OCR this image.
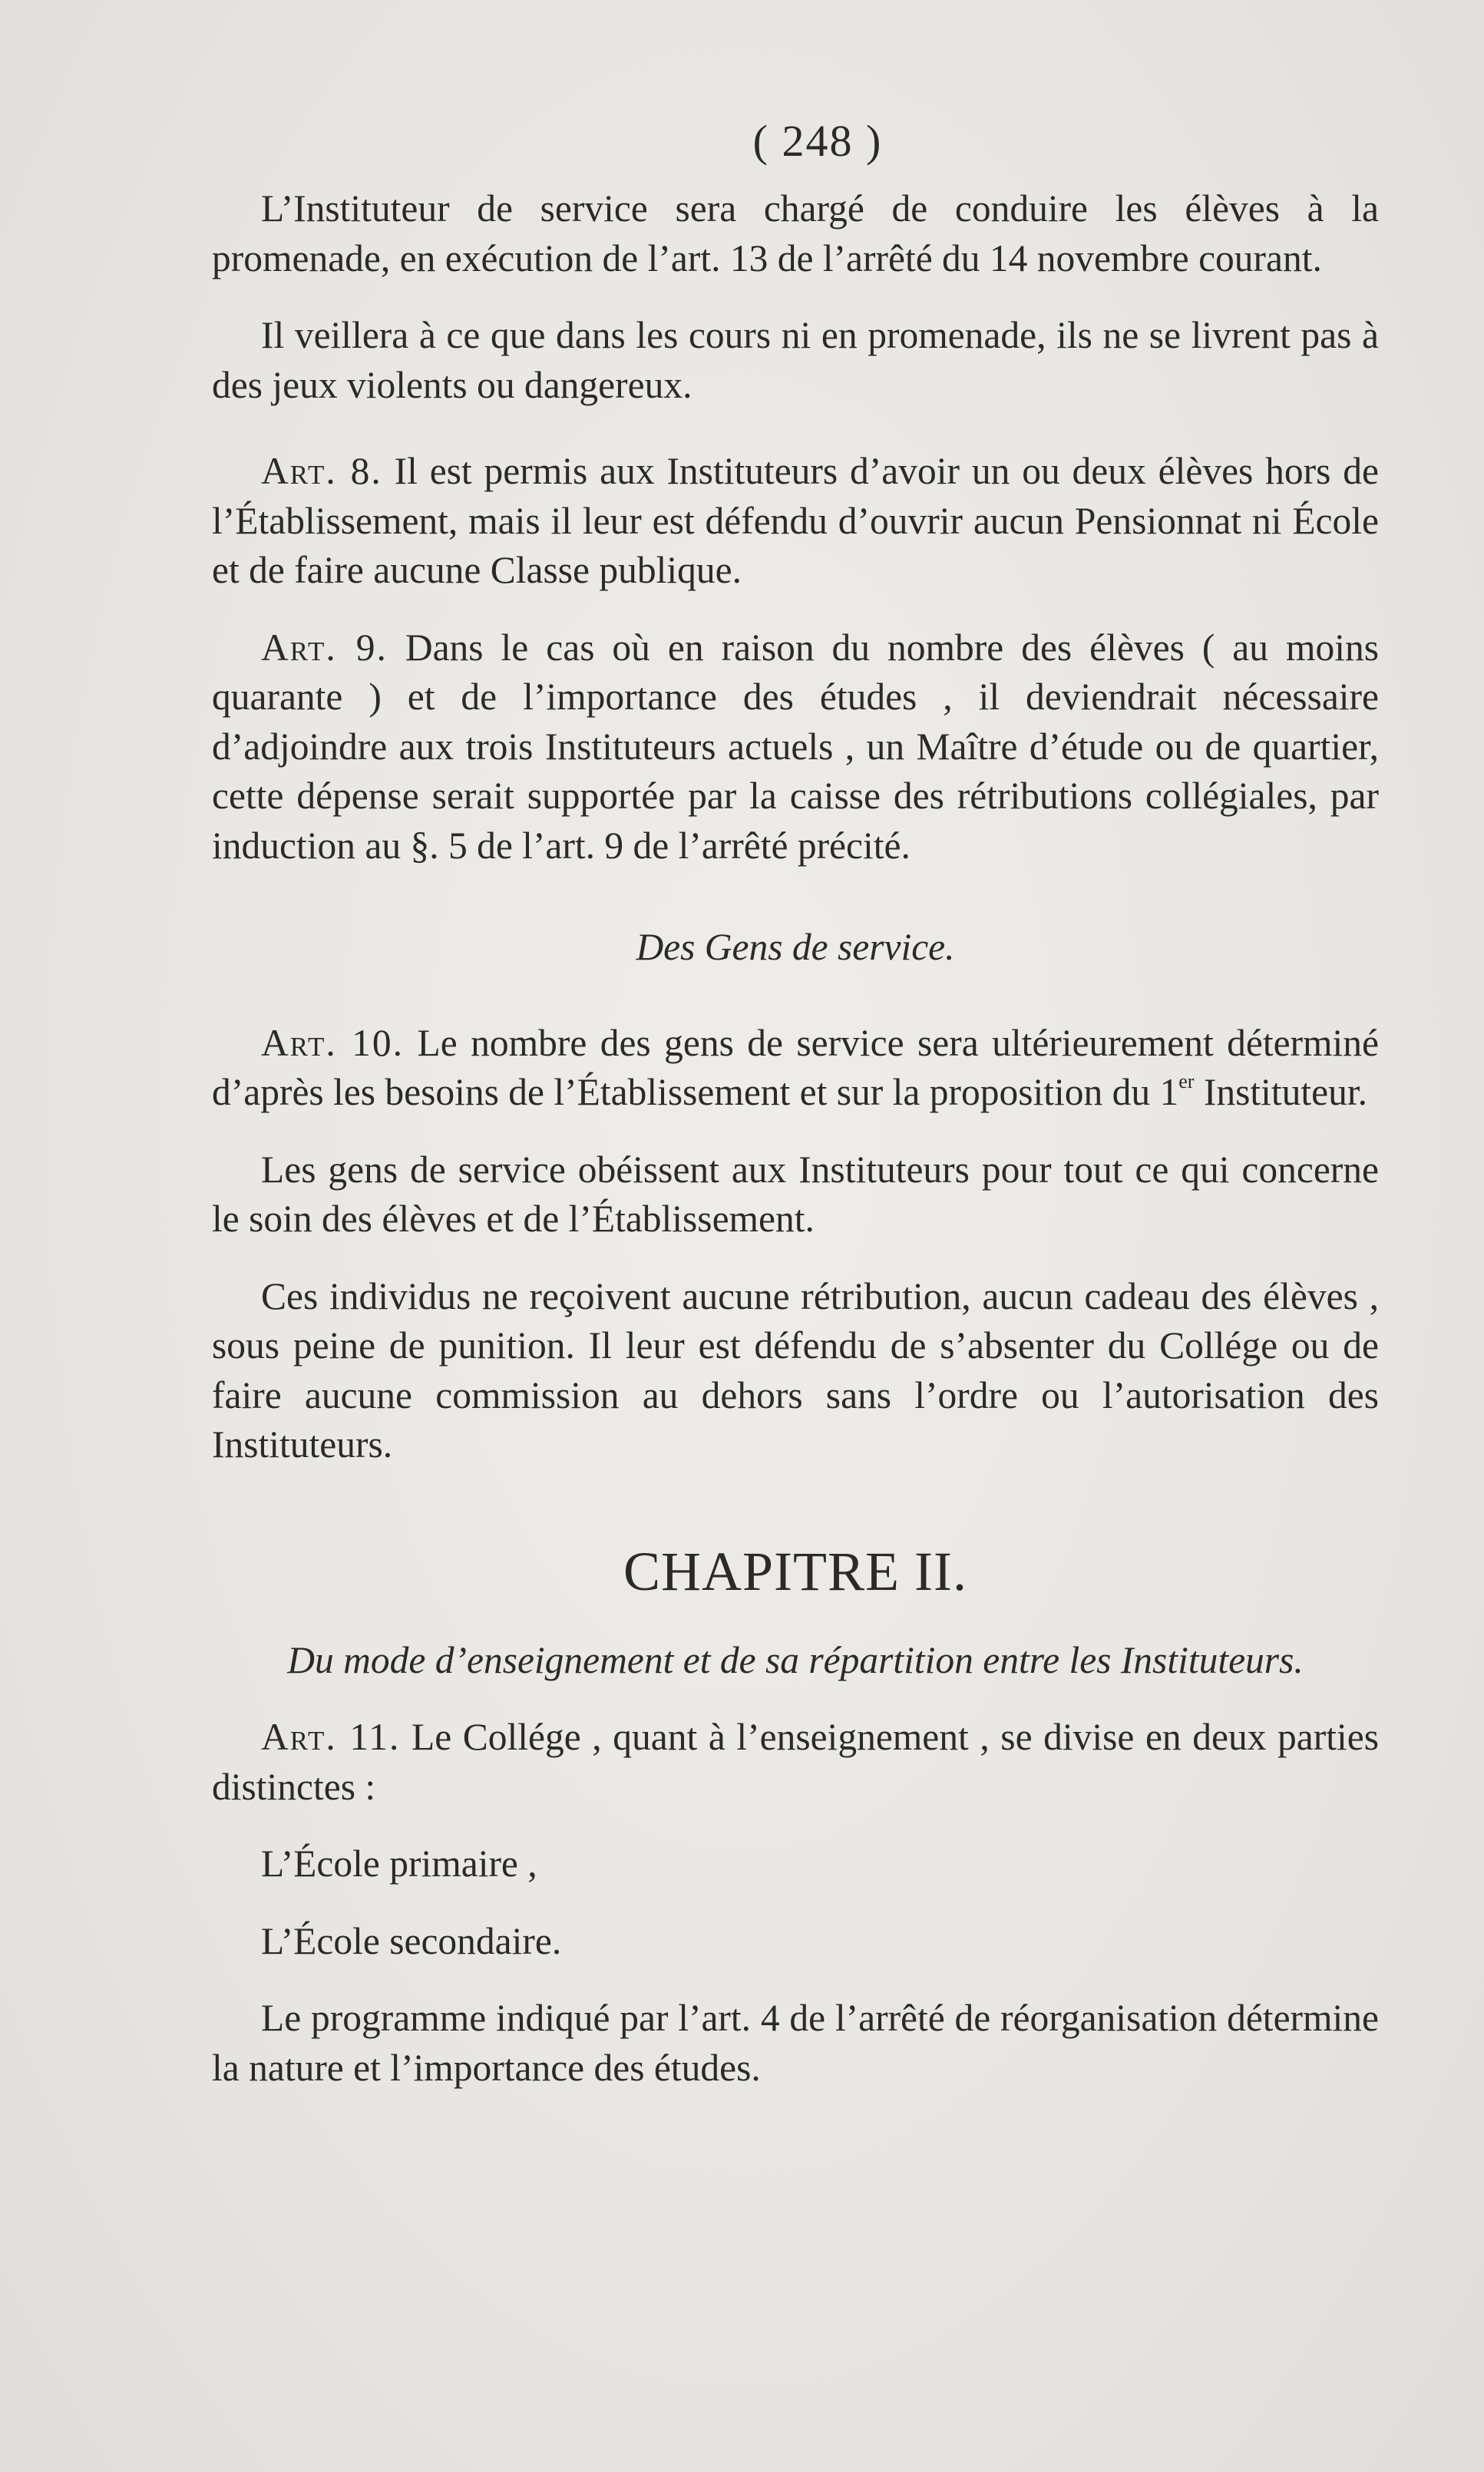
( 248 )

L’Instituteur de service sera chargé de conduire les élèves à la promenade, en exécution de l’art. 13 de l’arrêté du 14 novembre courant.

Il veillera à ce que dans les cours ni en promenade, ils ne se livrent pas à des jeux violents ou dangereux.

Art. 8. Il est permis aux Instituteurs d’avoir un ou deux élèves hors de l’Établissement, mais il leur est défendu d’ouvrir aucun Pensionnat ni École et de faire aucune Classe publique.

Art. 9. Dans le cas où en raison du nombre des élèves ( au moins quarante ) et de l’importance des études , il deviendrait nécessaire d’adjoindre aux trois Instituteurs actuels , un Maître d’étude ou de quartier, cette dépense serait supportée par la caisse des rétributions collégiales, par induction au §. 5 de l’art. 9 de l’arrêté précité.

Des Gens de service.

Art. 10. Le nombre des gens de service sera ultérieurement déterminé d’après les besoins de l’Établissement et sur la proposition du 1er Instituteur.

Les gens de service obéissent aux Instituteurs pour tout ce qui concerne le soin des élèves et de l’Établissement.

Ces individus ne reçoivent aucune rétribution, aucun cadeau des élèves , sous peine de punition. Il leur est défendu de s’absenter du Collége ou de faire aucune commission au dehors sans l’ordre ou l’autorisation des Instituteurs.

CHAPITRE II.

Du mode d’enseignement et de sa répartition entre les Instituteurs.

Art. 11. Le Collége , quant à l’enseignement , se divise en deux parties distinctes :

L’École primaire ,

L’École secondaire.

Le programme indiqué par l’art. 4 de l’arrêté de réorganisation détermine la nature et l’importance des études.
